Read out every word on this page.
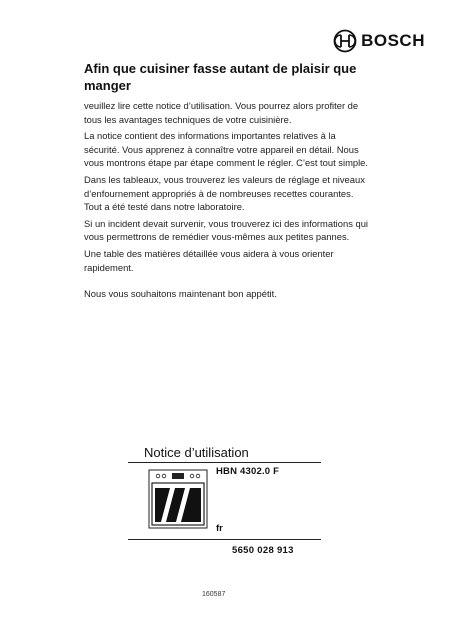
BOSCH
Afin que cuisiner fasse autant de plaisir que manger

veuillez lire cette notice d’utilisation. Vous pourrez alors profiter de tous les avantages techniques de votre cuisinière.

La notice contient des informations importantes relatives à la sécurité. Vous apprenez à connaître votre appareil en détail. Nous vous montrons étape par étape comment le régler. C’est tout simple.

Dans les tableaux, vous trouverez les valeurs de réglage et niveaux d’enfournement appropriés à de nombreuses recettes courantes. Tout a été testé dans notre laboratoire.

Si un incident devait survenir, vous trouverez ici des informations qui vous permettrons de remédier vous-mêmes aux petites pannes.

Une table des matières détaillée vous aidera à vous orienter rapidement.

Nous vous souhaitons maintenant bon appétit.

Notice d’utilisation
HBN 4302.0 F
fr
5650 028 913
160587
